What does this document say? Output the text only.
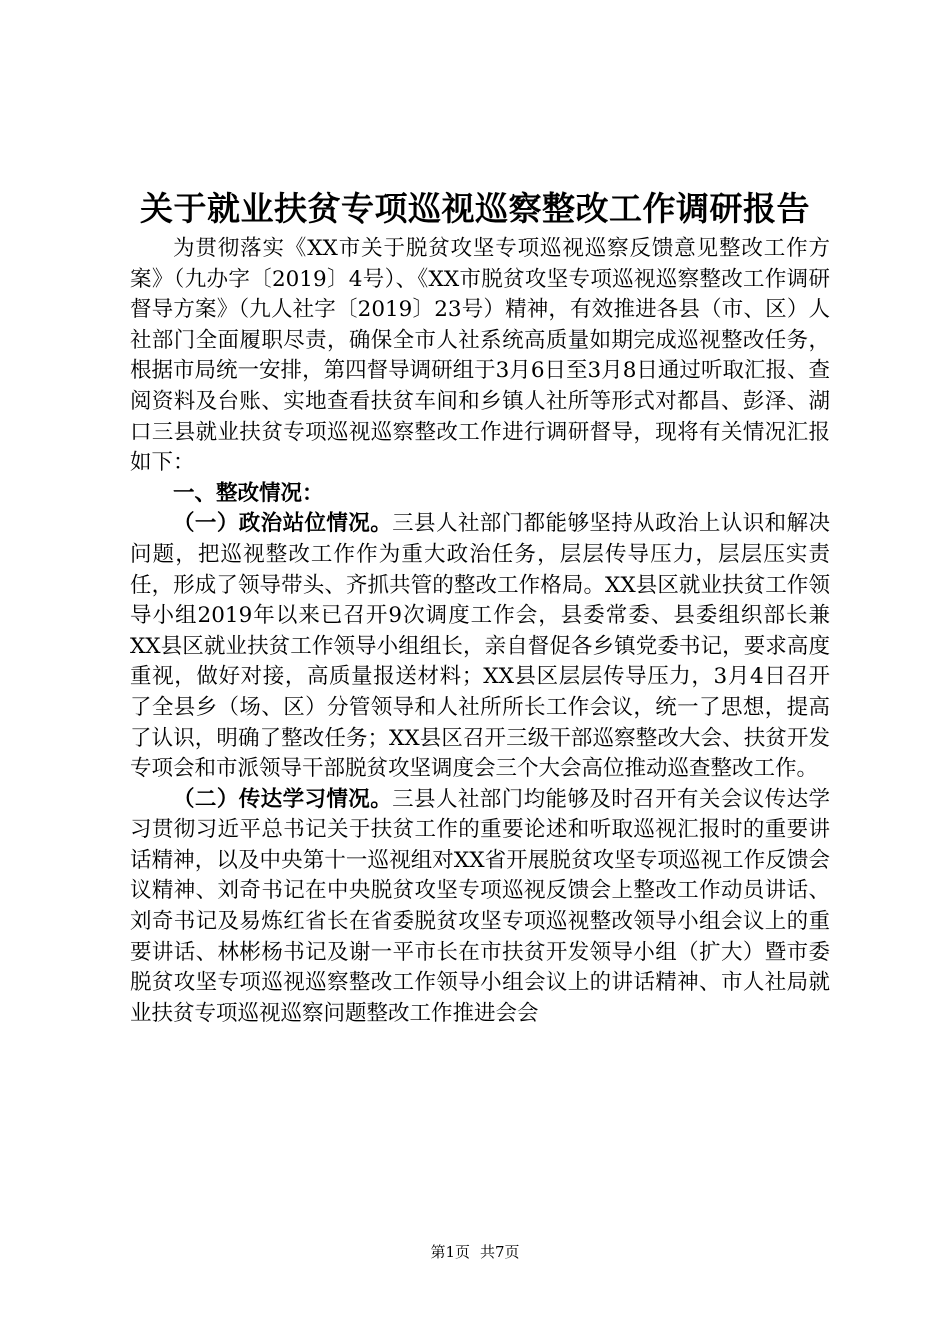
关于就业扶贫专项巡视巡察整改工作调研报告

为贯彻落实《XX市关于脱贫攻坚专项巡视巡察反馈意见整改工作方案》（九办字〔2019〕4号）、《XX市脱贫攻坚专项巡视巡察整改工作调研督导方案》（九人社字〔2019〕23号）精神，有效推进各县（市、区）人社部门全面履职尽责，确保全市人社系统高质量如期完成巡视整改任务，根据市局统一安排，第四督导调研组于3月6日至3月8日通过听取汇报、查阅资料及台账、实地查看扶贫车间和乡镇人社所等形式对都昌、彭泽、湖口三县就业扶贫专项巡视巡察整改工作进行调研督导，现将有关情况汇报如下：

一、整改情况：

（一）政治站位情况。三县人社部门都能够坚持从政治上认识和解决问题，把巡视整改工作作为重大政治任务，层层传导压力，层层压实责任，形成了领导带头、齐抓共管的整改工作格局。XX县区就业扶贫工作领导小组2019年以来已召开9次调度工作会，县委常委、县委组织部长兼XX县区就业扶贫工作领导小组组长，亲自督促各乡镇党委书记，要求高度重视，做好对接，高质量报送材料；XX县区层层传导压力，3月4日召开了全县乡（场、区）分管领导和人社所所长工作会议，统一了思想，提高了认识，明确了整改任务；XX县区召开三级干部巡察整改大会、扶贫开发专项会和市派领导干部脱贫攻坚调度会三个大会高位推动巡查整改工作。

（二）传达学习情况。三县人社部门均能够及时召开有关会议传达学习贯彻习近平总书记关于扶贫工作的重要论述和听取巡视汇报时的重要讲话精神，以及中央第十一巡视组对XX省开展脱贫攻坚专项巡视工作反馈会议精神、刘奇书记在中央脱贫攻坚专项巡视反馈会上整改工作动员讲话、刘奇书记及易炼红省长在省委脱贫攻坚专项巡视整改领导小组会议上的重要讲话、林彬杨书记及谢一平市长在市扶贫开发领导小组（扩大）暨市委脱贫攻坚专项巡视巡察整改工作领导小组会议上的讲话精神、市人社局就业扶贫专项巡视巡察问题整改工作推进会会

第1页 共7页
